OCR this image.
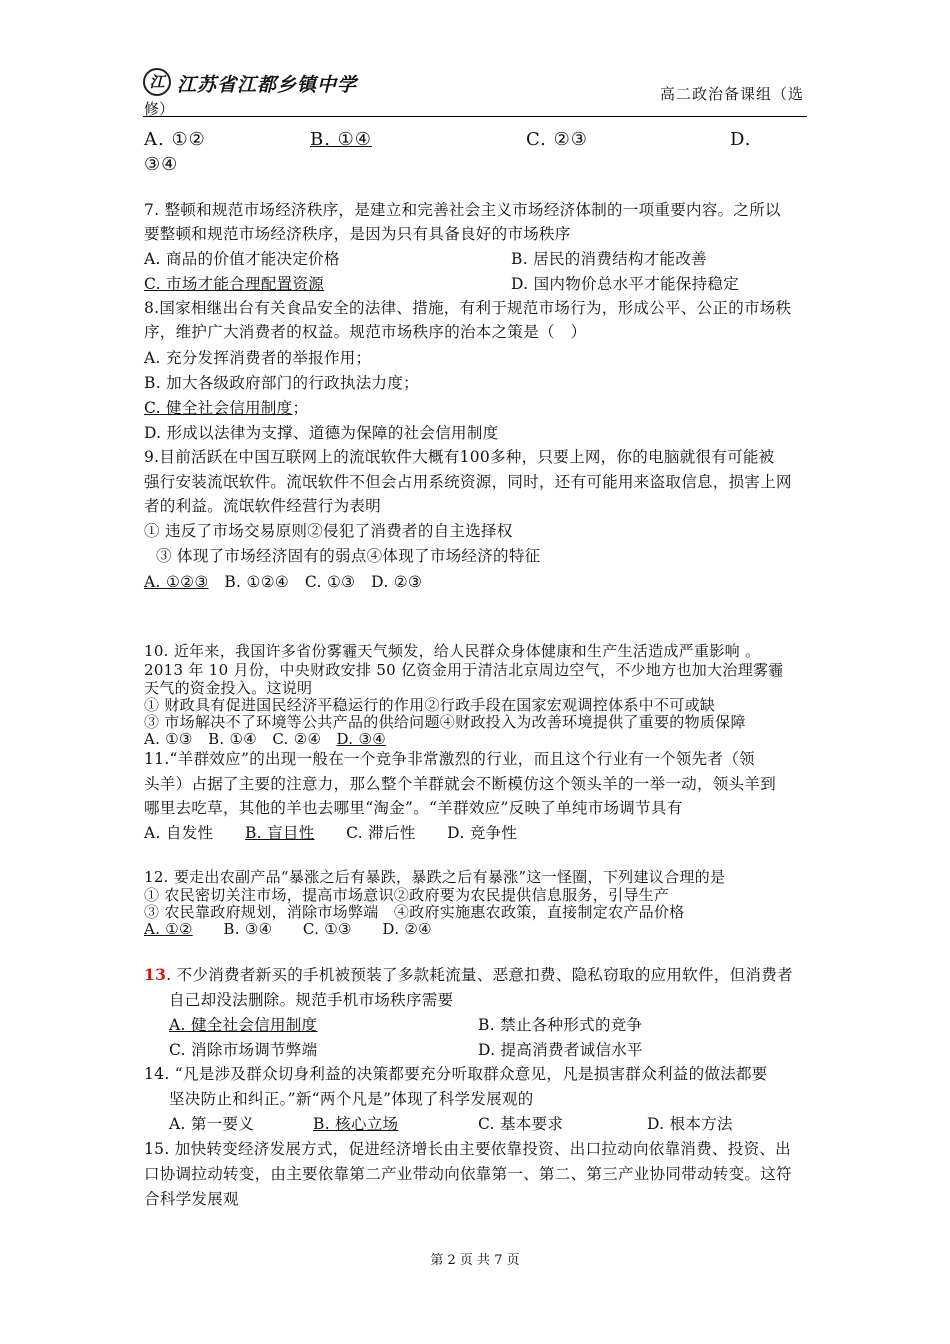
江 江苏省江都乡镇中学	高二政治备课组（选
修）
A. ①②	B. ①④	C. ②③	D.
③④
7. 整顿和规范市场经济秩序，是建立和完善社会主义市场经济体制的一项重要内容。之所以
要整顿和规范市场经济秩序，是因为只有具备良好的市场秩序
A. 商品的价值才能决定价格	B. 居民的消费结构才能改善
C. 市场才能合理配置资源	D. 国内物价总水平才能保持稳定
8.国家相继出台有关食品安全的法律、措施，有利于规范市场行为，形成公平、公正的市场秩
序，维护广大消费者的权益。规范市场秩序的治本之策是（　）
A. 充分发挥消费者的举报作用；
B. 加大各级政府部门的行政执法力度；
C. 健全社会信用制度；
D. 形成以法律为支撑、道德为保障的社会信用制度
9.目前活跃在中国互联网上的流氓软件大概有100多种，只要上网，你的电脑就很有可能被
强行安装流氓软件。流氓软件不但会占用系统资源，同时，还有可能用来盗取信息，损害上网
者的利益。流氓软件经营行为表明
① 违反了市场交易原则②侵犯了消费者的自主选择权
③ 体现了市场经济固有的弱点④体现了市场经济的特征
A. ①②③　 B. ①②④　C. ①③　D. ②③
10. 近年来，我国许多省份雾霾天气频发，给人民群众身体健康和生产生活造成严重影响 。
2013 年 10 月份，中央财政安排 50 亿资金用于清洁北京周边空气，不少地方也加大治理雾霾
天气的资金投入。这说明
① 财政具有促进国民经济平稳运行的作用②行政手段在国家宏观调控体系中不可或缺
③ 市场解决不了环境等公共产品的供给问题④财政投入为改善环境提供了重要的物质保障
A. ①③　B. ①④　C. ②④　 D. ③④
11.“羊群效应”的出现一般在一个竞争非常激烈的行业，而且这个行业有一个领先者（领
头羊）占据了主要的注意力，那么整个羊群就会不断模仿这个领头羊的一举一动，领头羊到
哪里去吃草，其他的羊也去哪里“淘金”。“羊群效应”反映了单纯市场调节具有
A. 自发性　　 B. 盲目性　　 C. 滞后性　　D. 竞争性
12. 要走出农副产品“暴涨之后有暴跌，暴跌之后有暴涨”这一怪圈，下列建议合理的是
① 农民密切关注市场，提高市场意识②政府要为农民提供信息服务，引导生产
③ 农民靠政府规划，消除市场弊端　④政府实施惠农政策，直接制定农产品价格
A. ①②　　 B. ③④　　C. ①③　　D. ②④
13. 不少消费者新买的手机被预装了多款耗流量、恶意扣费、隐私窃取的应用软件，但消费者
自己却没法删除。规范手机市场秩序需要
A. 健全社会信用制度	B. 禁止各种形式的竞争
C. 消除市场调节弊端	D. 提高消费者诚信水平
14. “凡是涉及群众切身利益的决策都要充分听取群众意见，凡是损害群众利益的做法都要
坚决防止和纠正。”新“两个凡是”体现了科学发展观的
A. 第一要义	B. 核心立场	C. 基本要求	D. 根本方法
15. 加快转变经济发展方式，促进经济增长由主要依靠投资、出口拉动向依靠消费、投资、出
口协调拉动转变，由主要依靠第二产业带动向依靠第一、第二、第三产业协同带动转变。这符
合科学发展观
第 2 页 共 7 页
